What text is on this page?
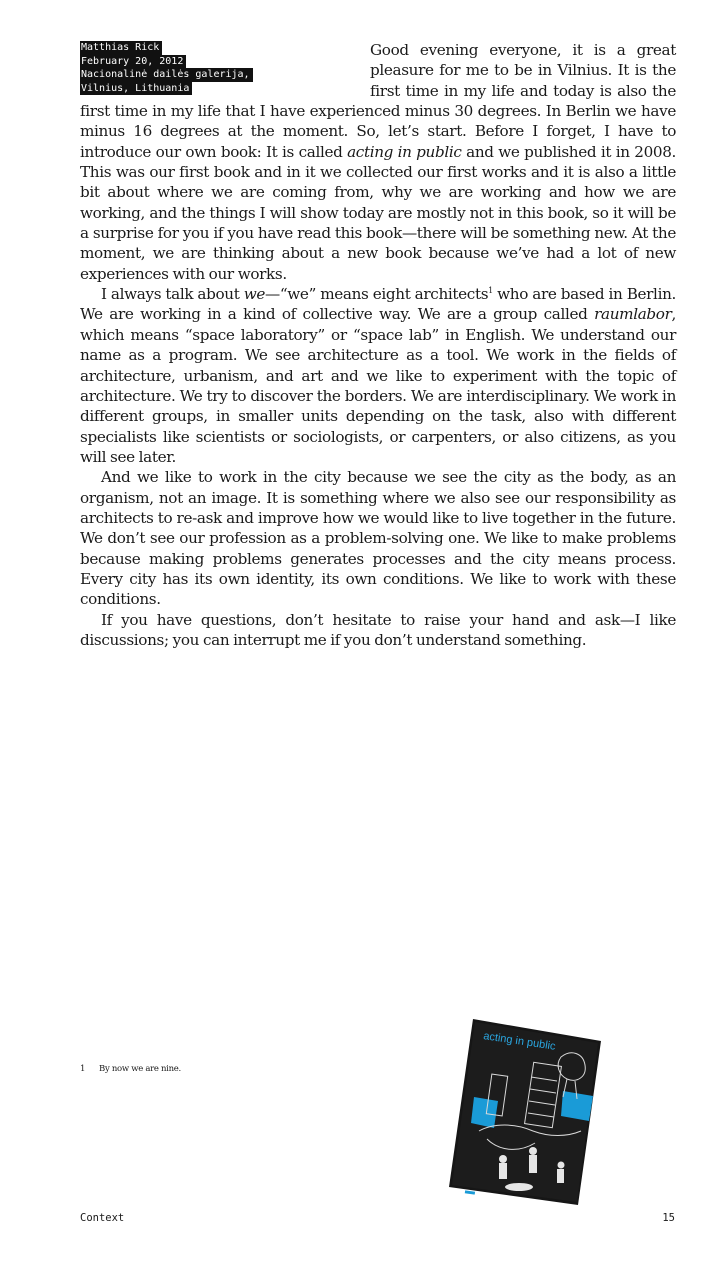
Matthias Rick
February 20, 2012
Nacionalinė dailės galerija,
Vilnius, Lithuania

Good evening everyone, it is a great pleasure for me to be in Vilnius. It is the first time in my life and today is also the first time in my life that I have experienced minus 30 degrees. In Berlin we have minus 16 degrees at the moment. So, let’s start. Before I forget, I have to introduce our own book: It is called acting in public and we published it in 2008. This was our first book and in it we collected our first works and it is also a little bit about where we are coming from, why we are working and how we are working, and the things I will show today are mostly not in this book, so it will be a surprise for you if you have read this book—there will be something new. At the moment, we are thinking about a new book because we’ve had a lot of new experiences with our works.

I always talk about we—“we” means eight architects$^1$ who are based in Berlin. We are working in a kind of collective way. We are a group called raumlabor, which means “space laboratory” or “space lab” in English. We understand our name as a program. We see architecture as a tool. We work in the fields of architecture, urbanism, and art and we like to experiment with the topic of architecture. We try to discover the borders. We are interdisciplinary. We work in different groups, in smaller units depending on the task, also with different specialists like scientists or sociologists, or carpenters, or also citizens, as you will see later.

And we like to work in the city because we see the city as the body, as an organism, not an image. It is something where we also see our responsibility as architects to re-ask and improve how we would like to live together in the future. We don’t see our profession as a problem-solving one. We like to make problems because making problems generates processes and the city means process. Every city has its own identity, its own conditions. We like to work with these conditions.

If you have questions, don’t hesitate to raise your hand and ask—I like discussions; you can interrupt me if you don’t understand something.

1 By now we are nine.
acting in public
Context	15
